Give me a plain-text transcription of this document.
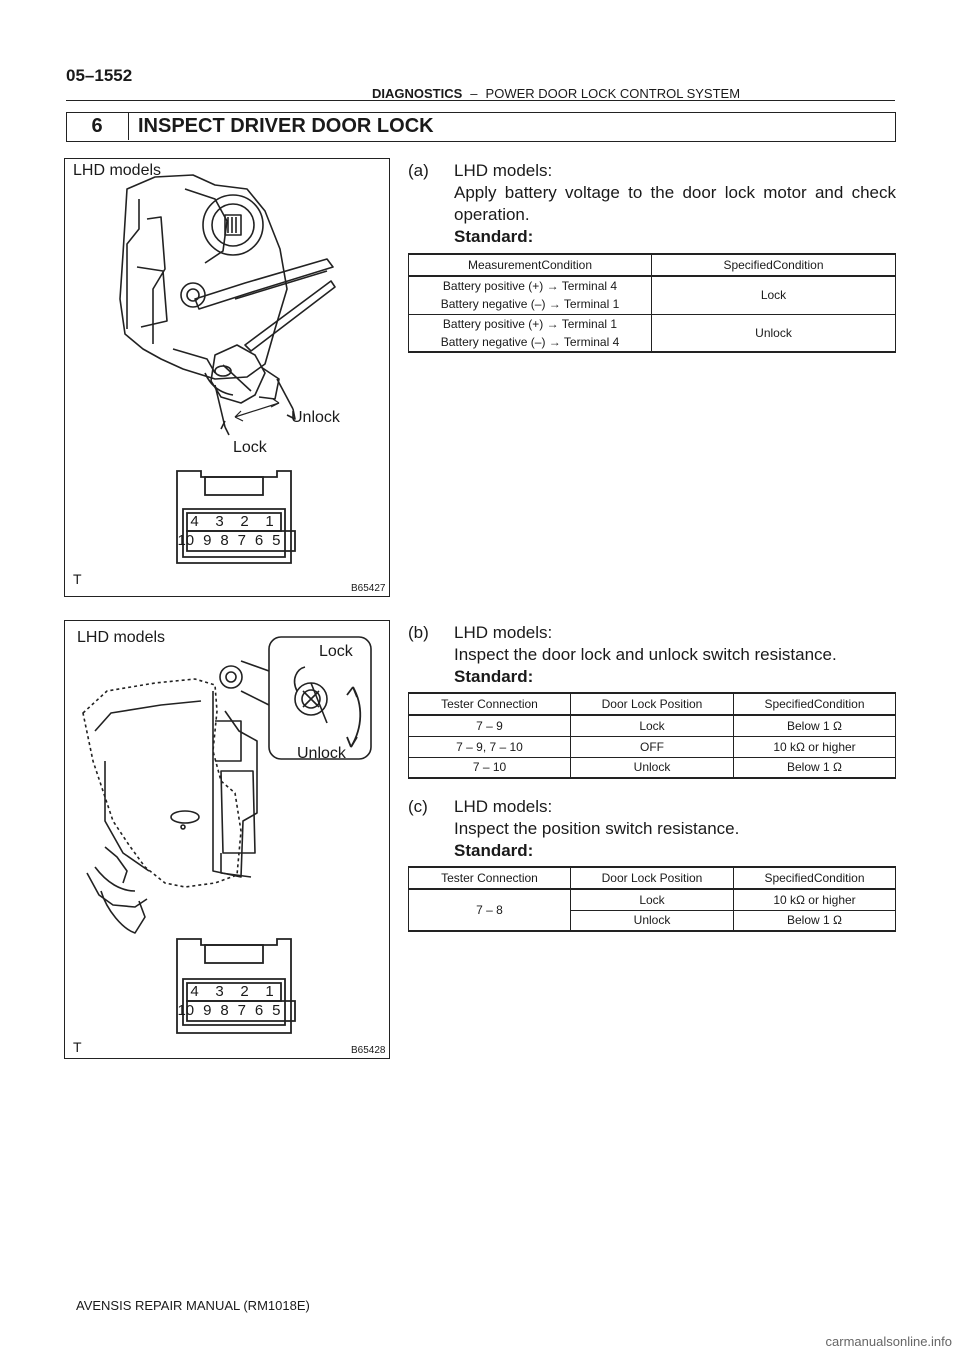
05–1552
DIAGNOSTICS – POWER DOOR LOCK CONTROL SYSTEM
6	INSPECT DRIVER DOOR LOCK
LHD models
Unlock
Lock
4 3 2 1
10 9 8 7 6 5
T
B65427
LHD models
Lock
Unlock
4 3 2 1
10 9 8 7 6 5
T	B65428
(a) LHD models:
Apply battery voltage to the door lock motor and check operation.
Standard:
MeasurementCondition	SpecifiedCondition

Battery positive (+) → Terminal 4
Battery negative (–) → Terminal 1	Lock

Battery positive (+) → Terminal 1
Battery negative (–) → Terminal 4	Unlock
(b) LHD models:
Inspect the door lock and unlock switch resistance.
Standard:
Tester Connection	Door Lock Position	SpecifiedCondition
7 – 9	Lock	Below 1 Ω
7 – 9, 7 – 10	OFF	10 kΩ or higher
7 – 10	Unlock	Below 1 Ω
(c) LHD models:
Inspect the position switch resistance.
Standard:
Tester Connection	Door Lock Position	SpecifiedCondition
7 – 8	Lock	10 kΩ or higher
	Unlock	Below 1 Ω
AVENSIS REPAIR MANUAL (RM1018E)
carmanualsonline.info
